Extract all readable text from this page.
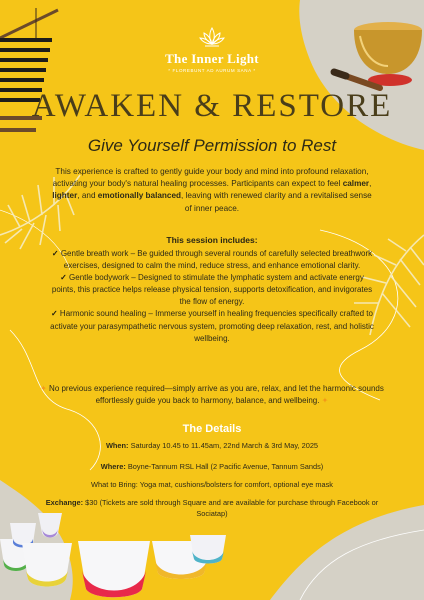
The Inner Light
* FLOREBUNT AD AURUM SANA *
AWAKEN & RESTORE
Give Yourself Permission to Rest

This experience is crafted to gently guide your body and mind into profound relaxation, activating your body's natural healing processes. Participants can expect to feel calmer, lighter, and emotionally balanced, leaving with renewed clarity and a revitalised sense of inner peace.

This session includes:
✓ Gentle breath work – Be guided through several rounds of carefully selected breathwork exercises, designed to calm the mind, reduce stress, and enhance emotional clarity.
✓ Gentle bodywork – Designed to stimulate the lymphatic system and activate energy points, this practice helps release physical tension, supports detoxification, and invigorates the flow of energy.
✓ Harmonic sound healing – Immerse yourself in healing frequencies specifically crafted to activate your parasympathetic nervous system, promoting deep relaxation, rest, and holistic wellbeing.

✦ No previous experience required—simply arrive as you are, relax, and let the harmonic sounds effortlessly guide you back to harmony, balance, and wellbeing. ✦

The Details

When: Saturday 10.45 to 11.45am, 22nd March & 3rd May, 2025

Where: Boyne-Tannum RSL Hall (2 Pacific Avenue, Tannum Sands)

What to Bring: Yoga mat, cushions/bolsters for comfort, optional eye mask

Exchange: $30 (Tickets are sold through Square and are available for purchase through Facebook or Sociatap)
